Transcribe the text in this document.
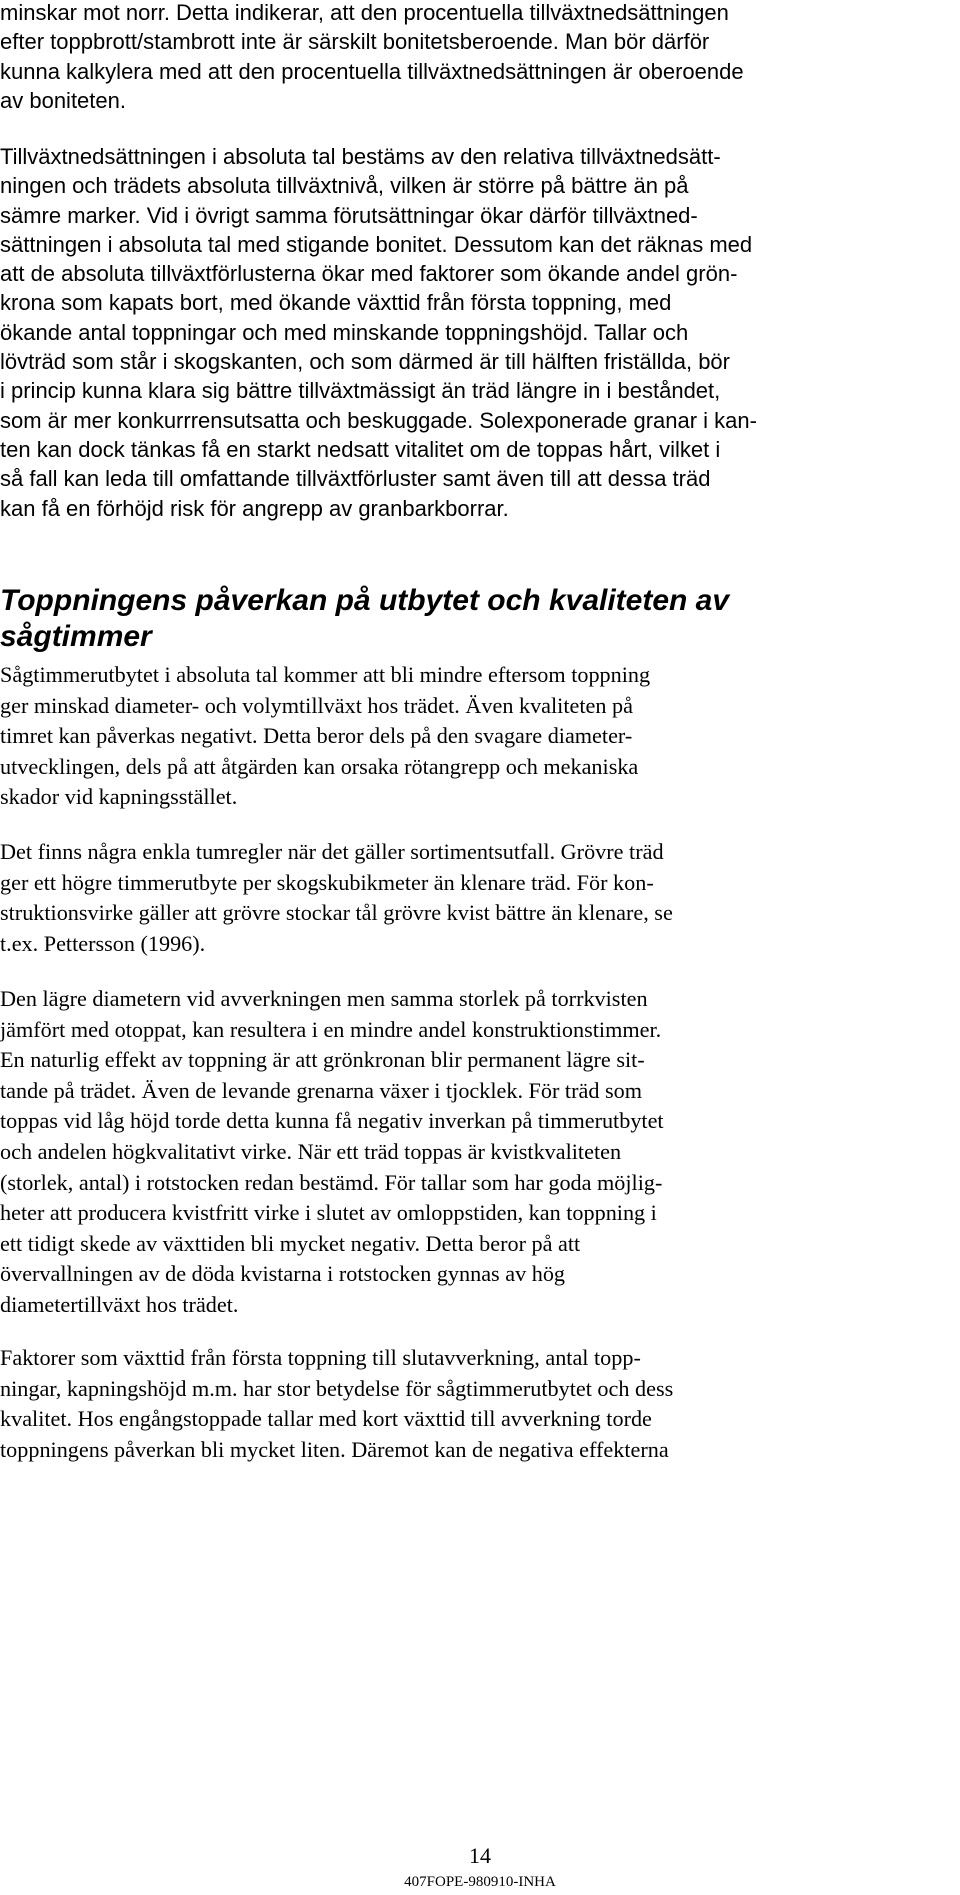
minskar mot norr. Detta indikerar, att den procentuella tillväxtnedsättningen
efter toppbrott/stambrott inte är särskilt bonitetsberoende. Man bör därför
kunna kalkylera med att den procentuella tillväxtnedsättningen är oberoende
av boniteten.
Tillväxtnedsättningen i absoluta tal bestäms av den relativa tillväxtnedsätt-
ningen och trädets absoluta tillväxtnivå, vilken är större på bättre än på
sämre marker. Vid i övrigt samma förutsättningar ökar därför tillväxtned-
sättningen i absoluta tal med stigande bonitet. Dessutom kan det räknas med
att de absoluta tillväxtförlusterna ökar med faktorer som ökande andel grön-
krona som kapats bort, med ökande växttid från första toppning, med
ökande antal toppningar och med minskande toppningshöjd. Tallar och
lövträd som står i skogskanten, och som därmed är till hälften friställda, bör
i princip kunna klara sig bättre tillväxtmässigt än träd längre in i beståndet,
som är mer konkurrrensutsatta och beskuggade. Solexponerade granar i kan-
ten kan dock tänkas få en starkt nedsatt vitalitet om de toppas hårt, vilket i
så fall kan leda till omfattande tillväxtförluster samt även till att dessa träd
kan få en förhöjd risk för angrepp av granbarkborrar.
Toppningens påverkan på utbytet och kvaliteten av
sågtimmer
Sågtimmerutbytet i absoluta tal kommer att bli mindre eftersom toppning
ger minskad diameter- och volymtillväxt hos trädet. Även kvaliteten på
timret kan påverkas negativt. Detta beror dels på den svagare diameter-
utvecklingen, dels på att åtgärden kan orsaka rötangrepp och mekaniska
skador vid kapningsstället.
Det finns några enkla tumregler när det gäller sortimentsutfall. Grövre träd
ger ett högre timmerutbyte per skogskubikmeter än klenare träd. För kon-
struktionsvirke gäller att grövre stockar tål grövre kvist bättre än klenare, se
t.ex. Pettersson (1996).
Den lägre diametern vid avverkningen men samma storlek på torrkvisten
jämfört med otoppat, kan resultera i en mindre andel konstruktionstimmer.
En naturlig effekt av toppning är att grönkronan blir permanent lägre sit-
tande på trädet. Även de levande grenarna växer i tjocklek. För träd som
toppas vid låg höjd torde detta kunna få negativ inverkan på timmerutbytet
och andelen högkvalitativt virke. När ett träd toppas är kvistkvaliteten
(storlek, antal) i rotstocken redan bestämd. För tallar som har goda möjlig-
heter att producera kvistfritt virke i slutet av omloppstiden, kan toppning i
ett tidigt skede av växttiden bli mycket negativ. Detta beror på att
övervallningen av de döda kvistarna i rotstocken gynnas av hög
diametertillväxt hos trädet.
Faktorer som växttid från första toppning till slutavverkning, antal topp-
ningar, kapningshöjd m.m. har stor betydelse för sågtimmerutbytet och dess
kvalitet. Hos engångstoppade tallar med kort växttid till avverkning torde
toppningens påverkan bli mycket liten. Däremot kan de negativa effekterna
14
407FOPE-980910-INHA
